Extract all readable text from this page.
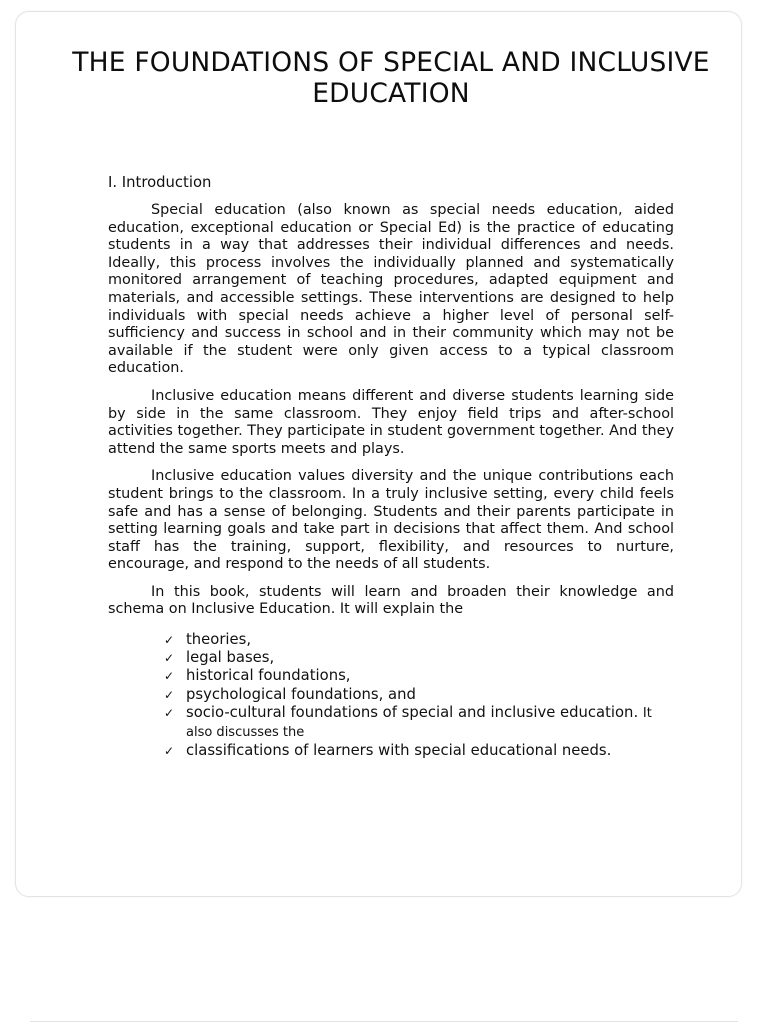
THE FOUNDATIONS OF SPECIAL AND INCLUSIVE EDUCATION
I. Introduction

Special education (also known as special needs education, aided education, exceptional education or Special Ed) is the practice of educating students in a way that addresses their individual differences and needs. Ideally, this process involves the individually planned and systematically monitored arrangement of teaching procedures, adapted equipment and materials, and accessible settings. These interventions are designed to help individuals with special needs achieve a higher level of personal self- sufficiency and success in school and in their community which may not be available if the student were only given access to a typical classroom education.

Inclusive education means different and diverse students learning side by side in the same classroom. They enjoy field trips and after-school activities together. They participate in student government together. And they attend the same sports meets and plays.

Inclusive education values diversity and the unique contributions each student brings to the classroom. In a truly inclusive setting, every child feels safe and has a sense of belonging. Students and their parents participate in setting learning goals and take part in decisions that affect them. And school staff has the training, support, flexibility, and resources to nurture, encourage, and respond to the needs of all students.

In this book, students will learn and broaden their knowledge and schema on Inclusive Education. It will explain the

✓ theories,
✓ legal bases,
✓ historical foundations,
✓ psychological foundations, and
✓ socio-cultural foundations of special and inclusive education. It also discusses the
✓ classifications of learners with special educational needs.
